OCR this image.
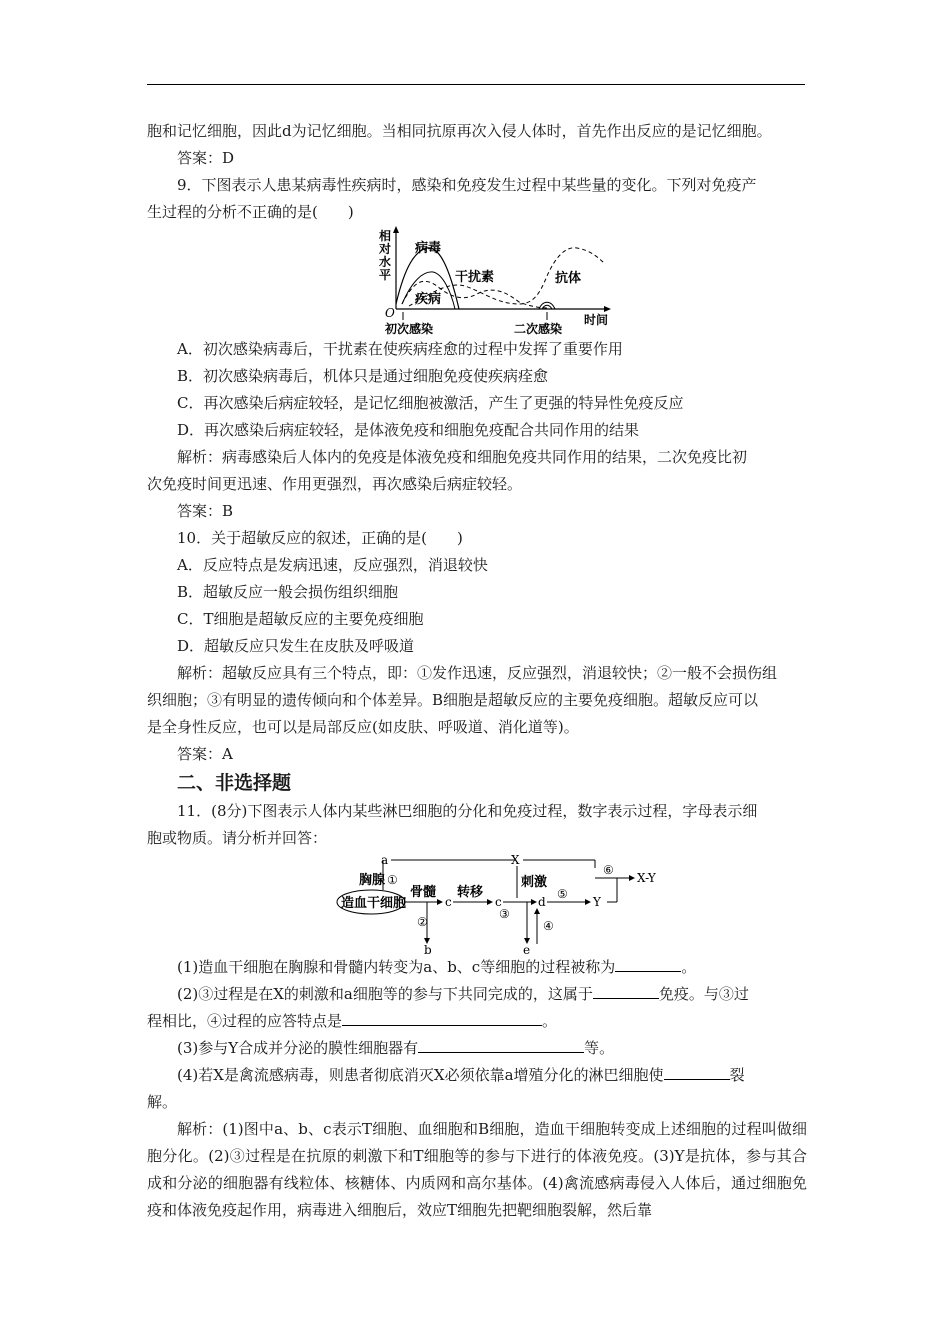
胞和记忆细胞，因此d为记忆细胞。当相同抗原再次入侵人体时，首先作出反应的是记忆细胞。
答案：D
9．下图表示人患某病毒性疾病时，感染和免疫发生过程中某些量的变化。下列对免疫产
生过程的分析不正确的是(　　)
相
对
水
平
O
病毒
干扰素
疾病
抗体
初次感染	二次感染
时间
A．初次感染病毒后，干扰素在使疾病痊愈的过程中发挥了重要作用
B．初次感染病毒后，机体只是通过细胞免疫使疾病痊愈
C．再次感染后病症较轻，是记忆细胞被激活，产生了更强的特异性免疫反应
D．再次感染后病症较轻，是体液免疫和细胞免疫配合共同作用的结果
解析：病毒感染后人体内的免疫是体液免疫和细胞免疫共同作用的结果，二次免疫比初
次免疫时间更迅速、作用更强烈，再次感染后病症较轻。
答案：B
10．关于超敏反应的叙述，正确的是(　　)
A．反应特点是发病迅速，反应强烈，消退较快
B．超敏反应一般会损伤组织细胞
C．T细胞是超敏反应的主要免疫细胞
D．超敏反应只发生在皮肤及呼吸道
解析：超敏反应具有三个特点，即：①发作迅速，反应强烈，消退较快；②一般不会损伤组
织细胞；③有明显的遗传倾向和个体差异。B细胞是超敏反应的主要免疫细胞。超敏反应可以
是全身性反应，也可以是局部反应(如皮肤、呼吸道、消化道等)。
答案：A
二、非选择题
11．(8分)下图表示人体内某些淋巴细胞的分化和免疫过程，数字表示过程，字母表示细
胞或物质。请分析并回答：
造血干细胞
a
胸腺 ①
骨髓
c
转移
c
②
b
X
刺激
③
d
⑤
Y
⑥
X-Y
e
④
(1)造血干细胞在胸腺和骨髓内转变为a、b、c等细胞的过程被称为	。
(2)③过程是在X的刺激和a细胞等的参与下共同完成的，这属于	免疫。与③过
程相比，④过程的应答特点是	。
(3)参与Y合成并分泌的膜性细胞器有	等。
(4)若X是禽流感病毒，则患者彻底消灭X必须依靠a增殖分化的淋巴细胞使	裂
解。
解析：(1)图中a、b、c表示T细胞、血细胞和B细胞，造血干细胞转变成上述细胞的过程叫做细胞分化。(2)③过程是在抗原的刺激下和T细胞等的参与下进行的体液免疫。(3)Y是抗体，参与其合成和分泌的细胞器有线粒体、核糖体、内质网和高尔基体。(4)禽流感病毒侵入人体后，通过细胞免疫和体液免疫起作用，病毒进入细胞后，效应T细胞先把靶细胞裂解，然后靠
